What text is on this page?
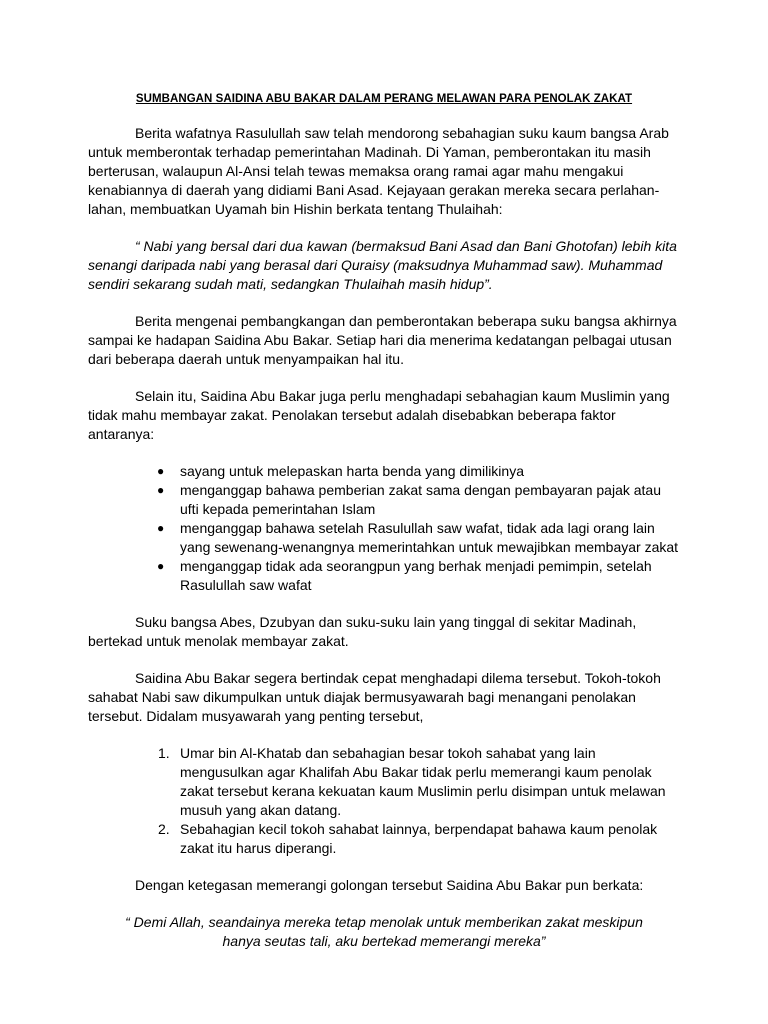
SUMBANGAN SAIDINA ABU BAKAR DALAM PERANG MELAWAN PARA PENOLAK ZAKAT

Berita wafatnya Rasulullah saw telah mendorong sebahagian suku kaum bangsa Arab untuk memberontak terhadap pemerintahan Madinah. Di Yaman, pemberontakan itu masih berterusan, walaupun Al-Ansi telah tewas memaksa orang ramai agar mahu mengakui kenabiannya di daerah yang didiami Bani Asad. Kejayaan gerakan mereka secara perlahan-lahan, membuatkan Uyamah bin Hishin berkata tentang Thulaihah:

“ Nabi yang bersal dari dua kawan (bermaksud Bani Asad dan Bani Ghotofan) lebih kita senangi daripada nabi yang berasal dari Quraisy (maksudnya Muhammad saw). Muhammad sendiri sekarang sudah mati, sedangkan Thulaihah masih hidup”.

Berita mengenai pembangkangan dan pemberontakan beberapa suku bangsa akhirnya sampai ke hadapan Saidina Abu Bakar. Setiap hari dia menerima kedatangan pelbagai utusan dari beberapa daerah untuk menyampaikan hal itu.

Selain itu, Saidina Abu Bakar juga perlu menghadapi sebahagian kaum Muslimin yang tidak mahu membayar zakat. Penolakan tersebut adalah disebabkan beberapa faktor antaranya:

● sayang untuk melepaskan harta benda yang dimilikinya
● menganggap bahawa pemberian zakat sama dengan pembayaran pajak atau ufti kepada pemerintahan Islam
● menganggap bahawa setelah Rasulullah saw wafat, tidak ada lagi orang lain yang sewenang-wenangnya memerintahkan untuk mewajibkan membayar zakat
● menganggap tidak ada seorangpun yang berhak menjadi pemimpin, setelah Rasulullah saw wafat

Suku bangsa Abes, Dzubyan dan suku-suku lain yang tinggal di sekitar Madinah, bertekad untuk menolak membayar zakat.

Saidina Abu Bakar segera bertindak cepat menghadapi dilema tersebut. Tokoh-tokoh sahabat Nabi saw dikumpulkan untuk diajak bermusyawarah bagi menangani penolakan tersebut. Didalam musyawarah yang penting tersebut,

1. Umar bin Al-Khatab dan sebahagian besar tokoh sahabat yang lain mengusulkan agar Khalifah Abu Bakar tidak perlu memerangi kaum penolak zakat tersebut kerana kekuatan kaum Muslimin perlu disimpan untuk melawan musuh yang akan datang.
2. Sebahagian kecil tokoh sahabat lainnya, berpendapat bahawa kaum penolak zakat itu harus diperangi.

Dengan ketegasan memerangi golongan tersebut Saidina Abu Bakar pun berkata:

“ Demi Allah, seandainya mereka tetap menolak untuk memberikan zakat meskipun hanya seutas tali, aku bertekad memerangi mereka”
